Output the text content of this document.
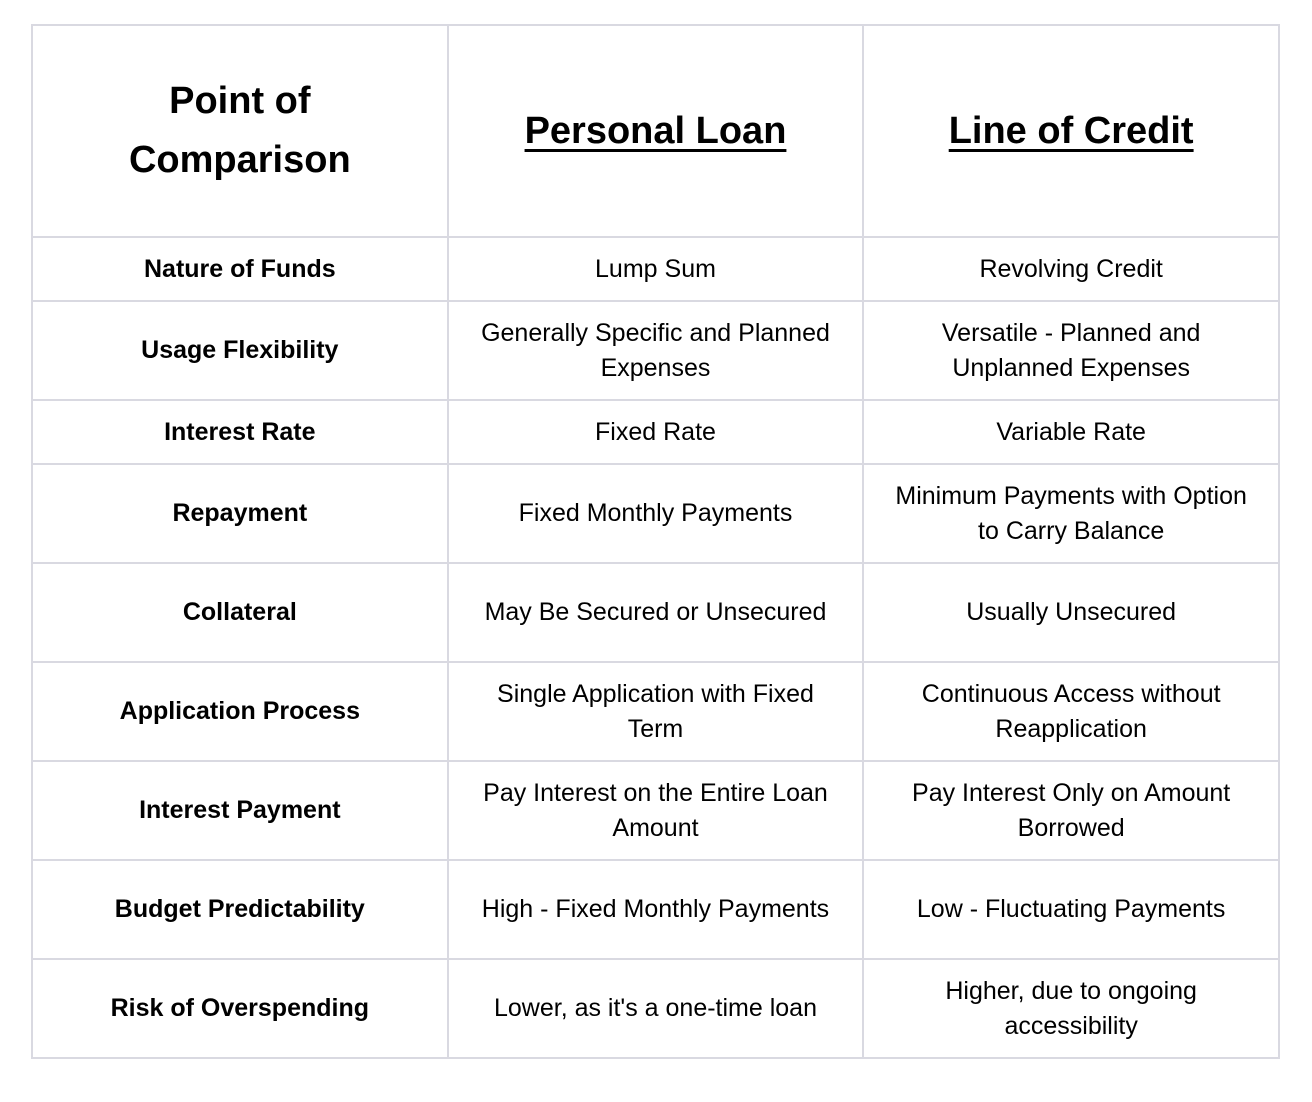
Point of Comparison	Personal Loan	Line of Credit
Nature of Funds	Lump Sum	Revolving Credit
Usage Flexibility	Generally Specific and Planned Expenses	Versatile - Planned and Unplanned Expenses
Interest Rate	Fixed Rate	Variable Rate
Repayment	Fixed Monthly Payments	Minimum Payments with Option to Carry Balance
Collateral	May Be Secured or Unsecured	Usually Unsecured
Application Process	Single Application with Fixed Term	Continuous Access without Reapplication
Interest Payment	Pay Interest on the Entire Loan Amount	Pay Interest Only on Amount Borrowed
Budget Predictability	High - Fixed Monthly Payments	Low - Fluctuating Payments
Risk of Overspending	Lower, as it's a one-time loan	Higher, due to ongoing accessibility
